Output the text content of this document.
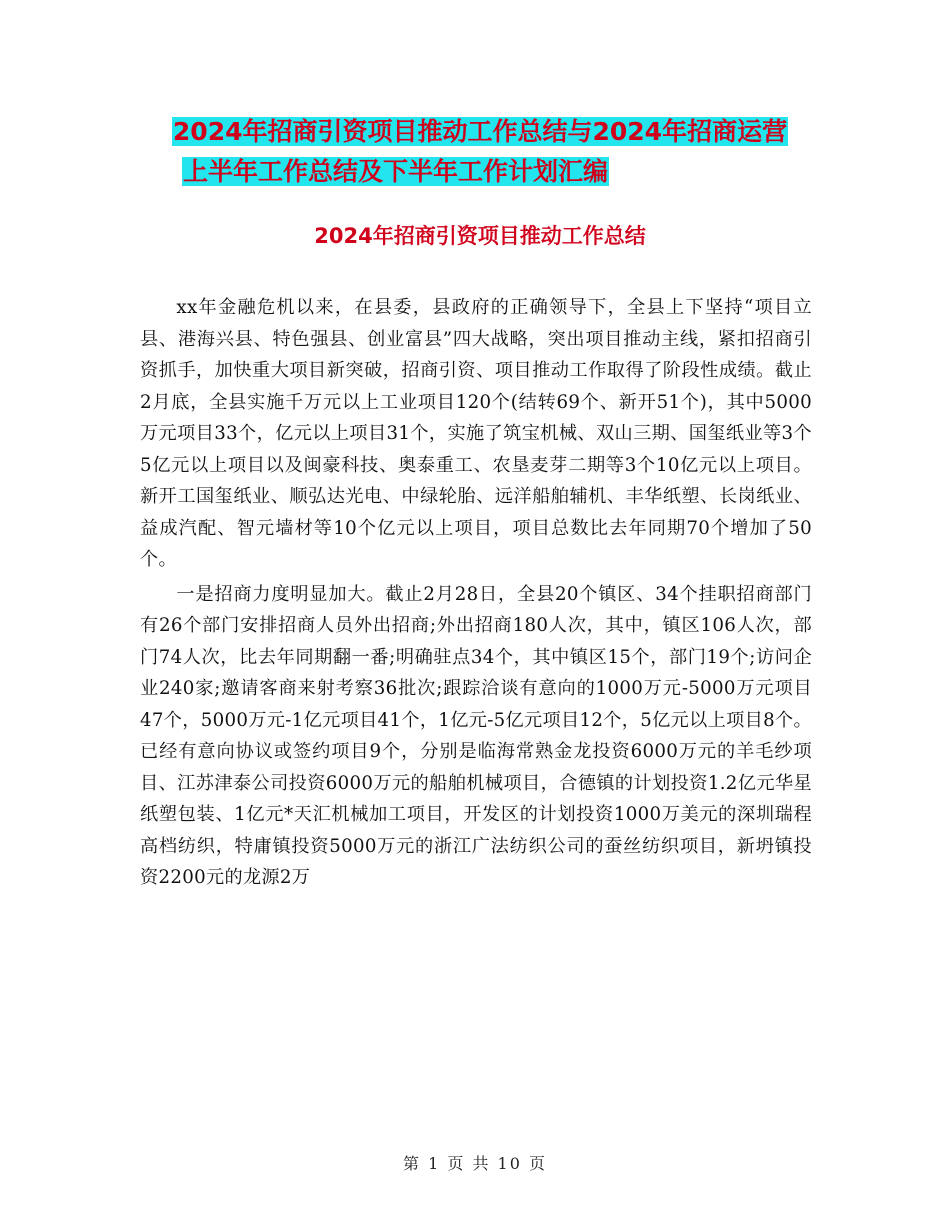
2024年招商引资项目推动工作总结与2024年招商运营
上半年工作总结及下半年工作计划汇编
2024年招商引资项目推动工作总结

xx年金融危机以来，在县委，县政府的正确领导下，全县上下坚持“项目立县、港海兴县、特色强县、创业富县”四大战略，突出项目推动主线，紧扣招商引资抓手，加快重大项目新突破，招商引资、项目推动工作取得了阶段性成绩。截止2月底，全县实施千万元以上工业项目120个(结转69个、新开51个)，其中5000万元项目33个，亿元以上项目31个，实施了筑宝机械、双山三期、国玺纸业等3个5亿元以上项目以及闽豪科技、奥泰重工、农垦麦芽二期等3个10亿元以上项目。新开工国玺纸业、顺弘达光电、中绿轮胎、远洋船舶辅机、丰华纸塑、长岗纸业、益成汽配、智元墙材等10个亿元以上项目，项目总数比去年同期70个增加了50个。

一是招商力度明显加大。截止2月28日，全县20个镇区、34个挂职招商部门有26个部门安排招商人员外出招商;外出招商180人次，其中，镇区106人次，部门74人次，比去年同期翻一番;明确驻点34个，其中镇区15个，部门19个;访问企业240家;邀请客商来射考察36批次;跟踪洽谈有意向的1000万元-5000万元项目47个，5000万元-1亿元项目41个，1亿元-5亿元项目12个，5亿元以上项目8个。已经有意向协议或签约项目9个，分别是临海常熟金龙投资6000万元的羊毛纱项目、江苏津泰公司投资6000万元的船舶机械项目，合德镇的计划投资1.2亿元华星纸塑包装、1亿元*天汇机械加工项目，开发区的计划投资1000万美元的深圳瑞程高档纺织，特庸镇投资5000万元的浙江广法纺织公司的蚕丝纺织项目，新坍镇投资2200元的龙源2万

第 1 页 共 10 页
